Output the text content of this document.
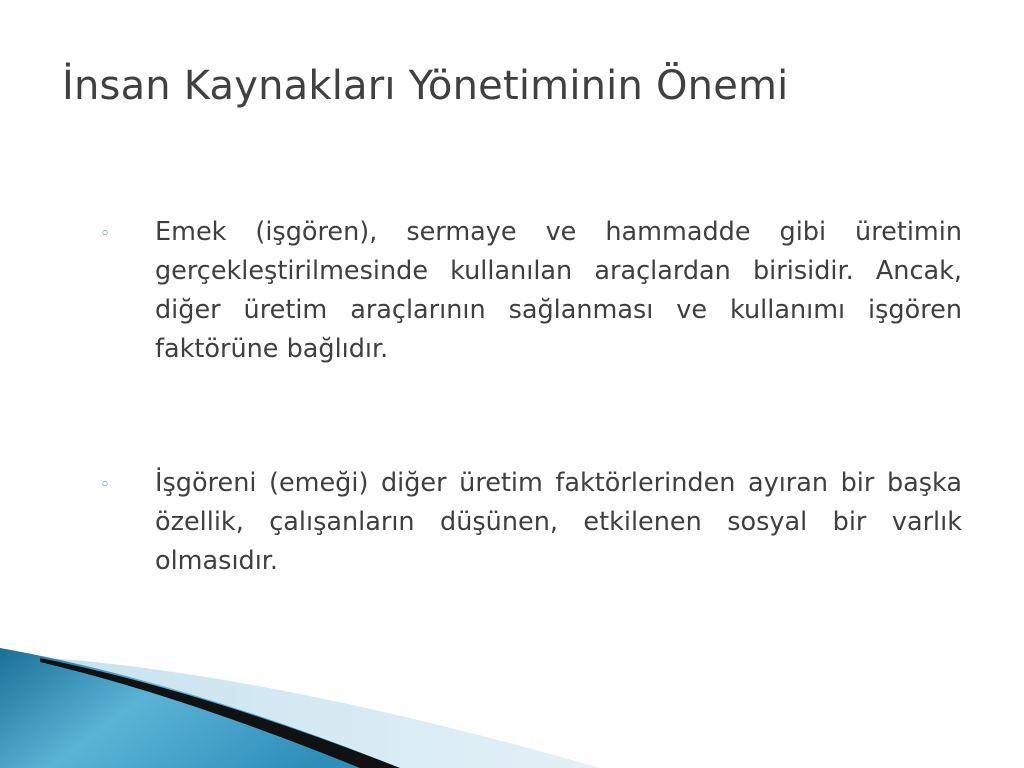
İnsan Kaynakları Yönetiminin Önemi
◦ Emek (işgören), sermaye ve hammadde gibi üretimin gerçekleştirilmesinde kullanılan araçlardan birisidir. Ancak, diğer üretim araçlarının sağlanması ve kullanımı işgören faktörüne bağlıdır.
◦ İşgöreni (emeği) diğer üretim faktörlerinden ayıran bir başka özellik, çalışanların düşünen, etkilenen sosyal bir varlık olmasıdır.
